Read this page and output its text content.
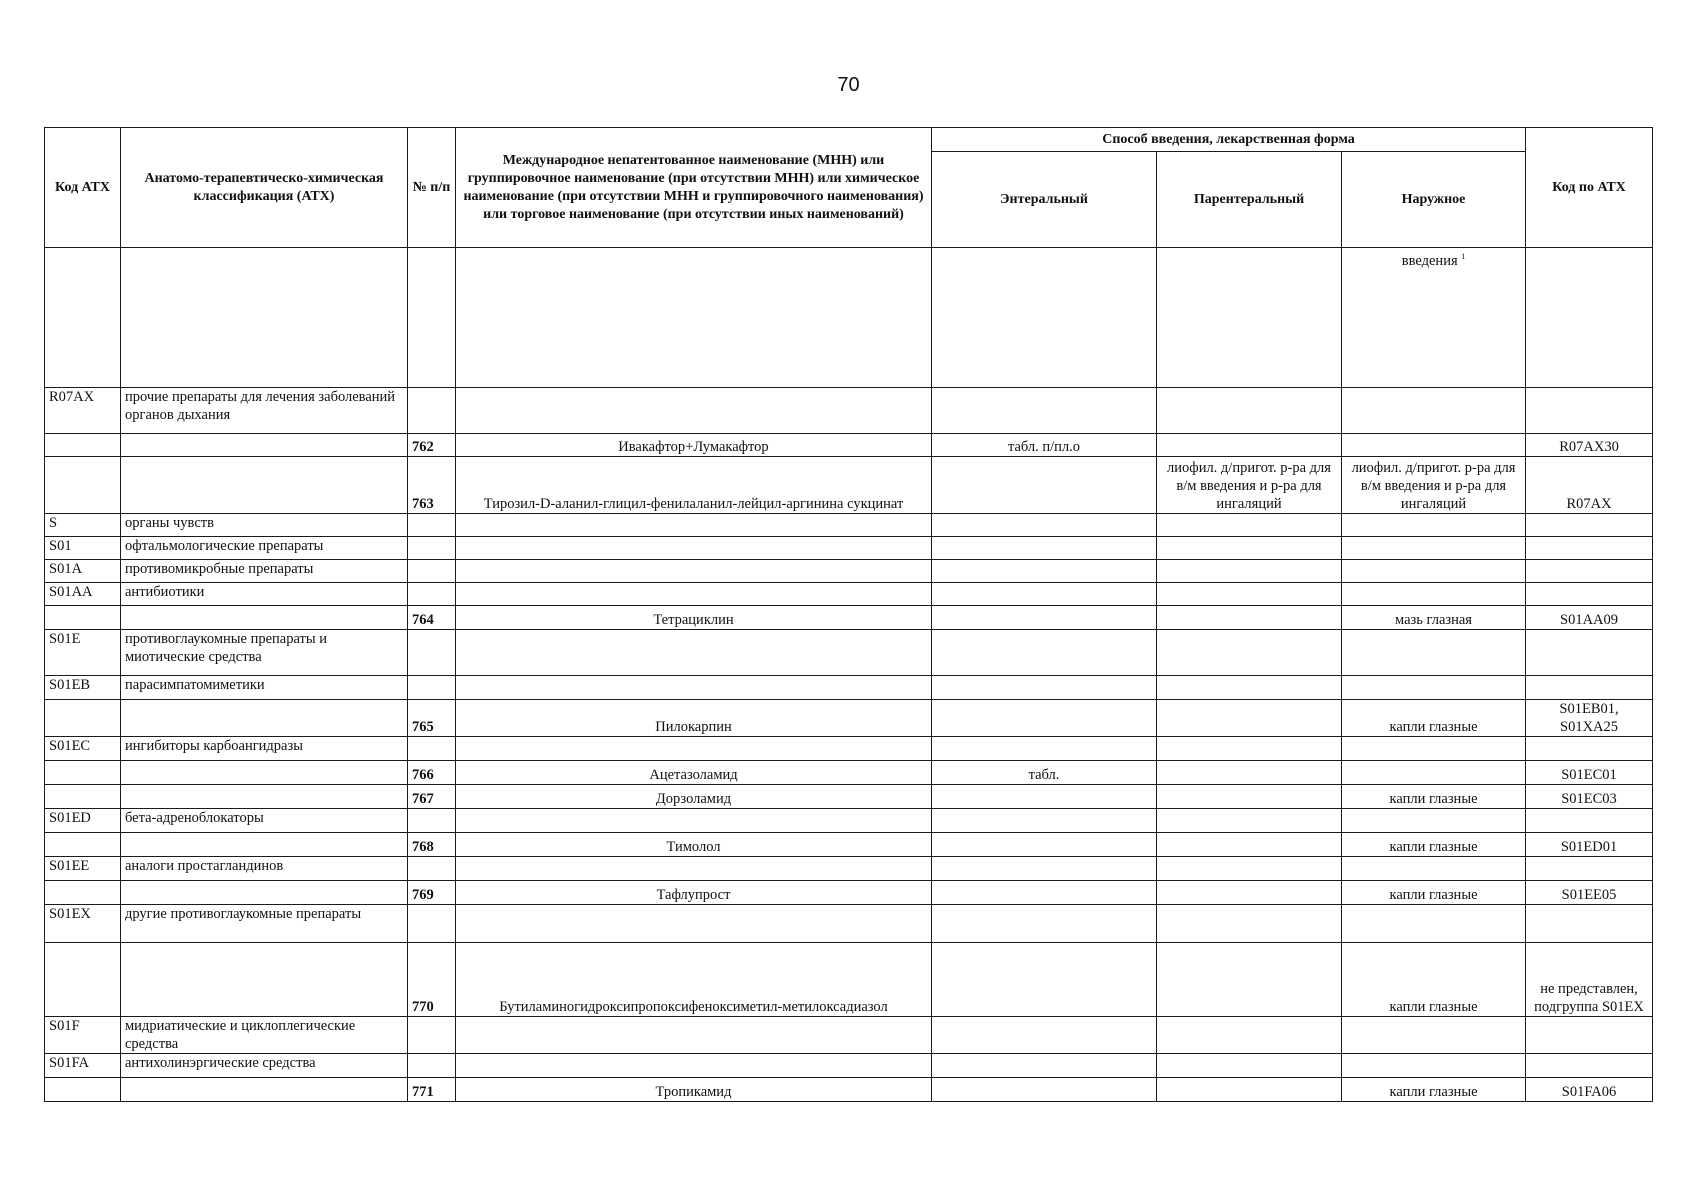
70
Код АТХ	Анатомо-терапевтическо-химическая классификация (АТХ)	№ п/п	Международное непатентованное наименование (МНН) или группировочное наименование (при отсутствии МНН) или химическое наименование (при отсутствии МНН и группировочного наименования) или торговое наименование (при отсутствии иных наименований)	Способ введения, лекарственная форма			Код по АТХ
				Энтеральный	Парентеральный	Наружное	
						введения $^1$	
R07AX	прочие препараты для лечения заболеваний органов дыхания						
		762	Ивакафтор+Лумакафтор	табл. п/пл.о			R07AX30
		763	Тирозил-D-аланил-глицил-фенилаланил-лейцил-аргинина сукцинат		лиофил. д/пригот. р-ра для в/м введения и р-ра для ингаляций	лиофил. д/пригот. р-ра для в/м введения и р-ра для ингаляций	R07AX
S	органы чувств						
S01	офтальмологические препараты						
S01A	противомикробные препараты						
S01AA	антибиотики						
		764	Тетрациклин			мазь глазная	S01AA09
S01E	противоглаукомные препараты и миотические средства						
S01EB	парасимпатомиметики						
		765	Пилокарпин			капли глазные	S01EB01, S01XA25
S01EC	ингибиторы карбоангидразы						
		766	Ацетазоламид	табл.			S01EC01
		767	Дорзоламид			капли глазные	S01EC03
S01ED	бета-адреноблокаторы						
		768	Тимолол			капли глазные	S01ED01
S01EE	аналоги простагландинов						
		769	Тафлупрост			капли глазные	S01EE05
S01EX	другие противоглаукомные препараты						
		770	Бутиламиногидроксипропоксифеноксиметил-метилоксадиазол			капли глазные	не представлен, подгруппа S01EX
S01F	мидриатические и циклоплегические средства						
S01FA	антихолинэргические средства						
		771	Тропикамид			капли глазные	S01FA06
